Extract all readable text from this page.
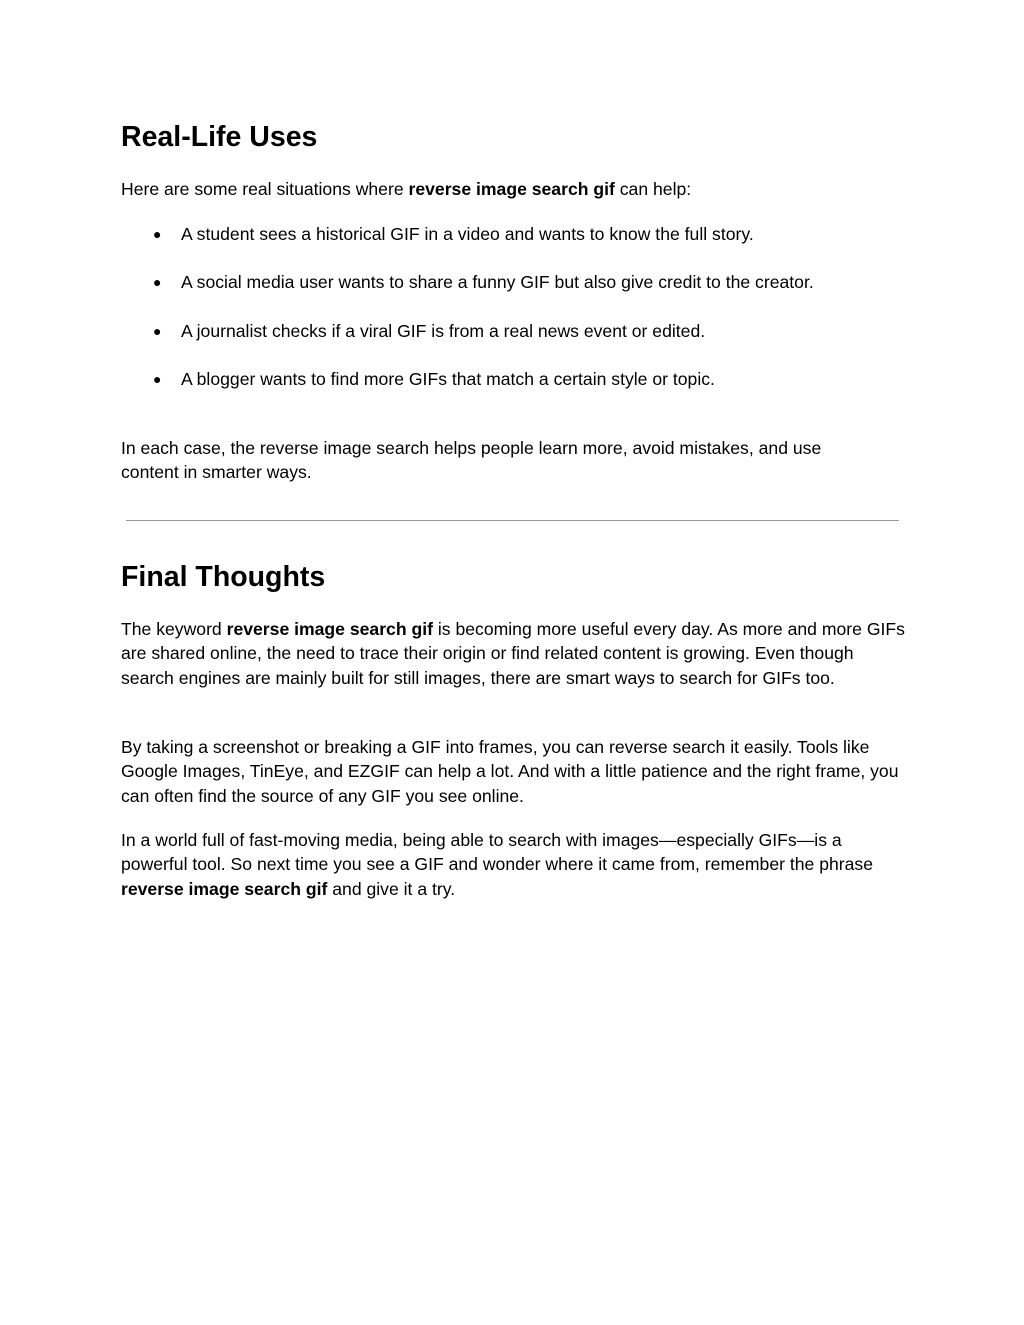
Real-Life Uses

Here are some real situations where reverse image search gif can help:

● A student sees a historical GIF in a video and wants to know the full story.
● A social media user wants to share a funny GIF but also give credit to the creator.
● A journalist checks if a viral GIF is from a real news event or edited.
● A blogger wants to find more GIFs that match a certain style or topic.

In each case, the reverse image search helps people learn more, avoid mistakes, and use
content in smarter ways.

Final Thoughts

The keyword reverse image search gif is becoming more useful every day. As more and more GIFs are shared online, the need to trace their origin or find related content is growing. Even though search engines are mainly built for still images, there are smart ways to search for GIFs too.

By taking a screenshot or breaking a GIF into frames, you can reverse search it easily. Tools like Google Images, TinEye, and EZGIF can help a lot. And with a little patience and the right frame, you can often find the source of any GIF you see online.

In a world full of fast-moving media, being able to search with images—especially GIFs—is a powerful tool. So next time you see a GIF and wonder where it came from, remember the phrase reverse image search gif and give it a try.
